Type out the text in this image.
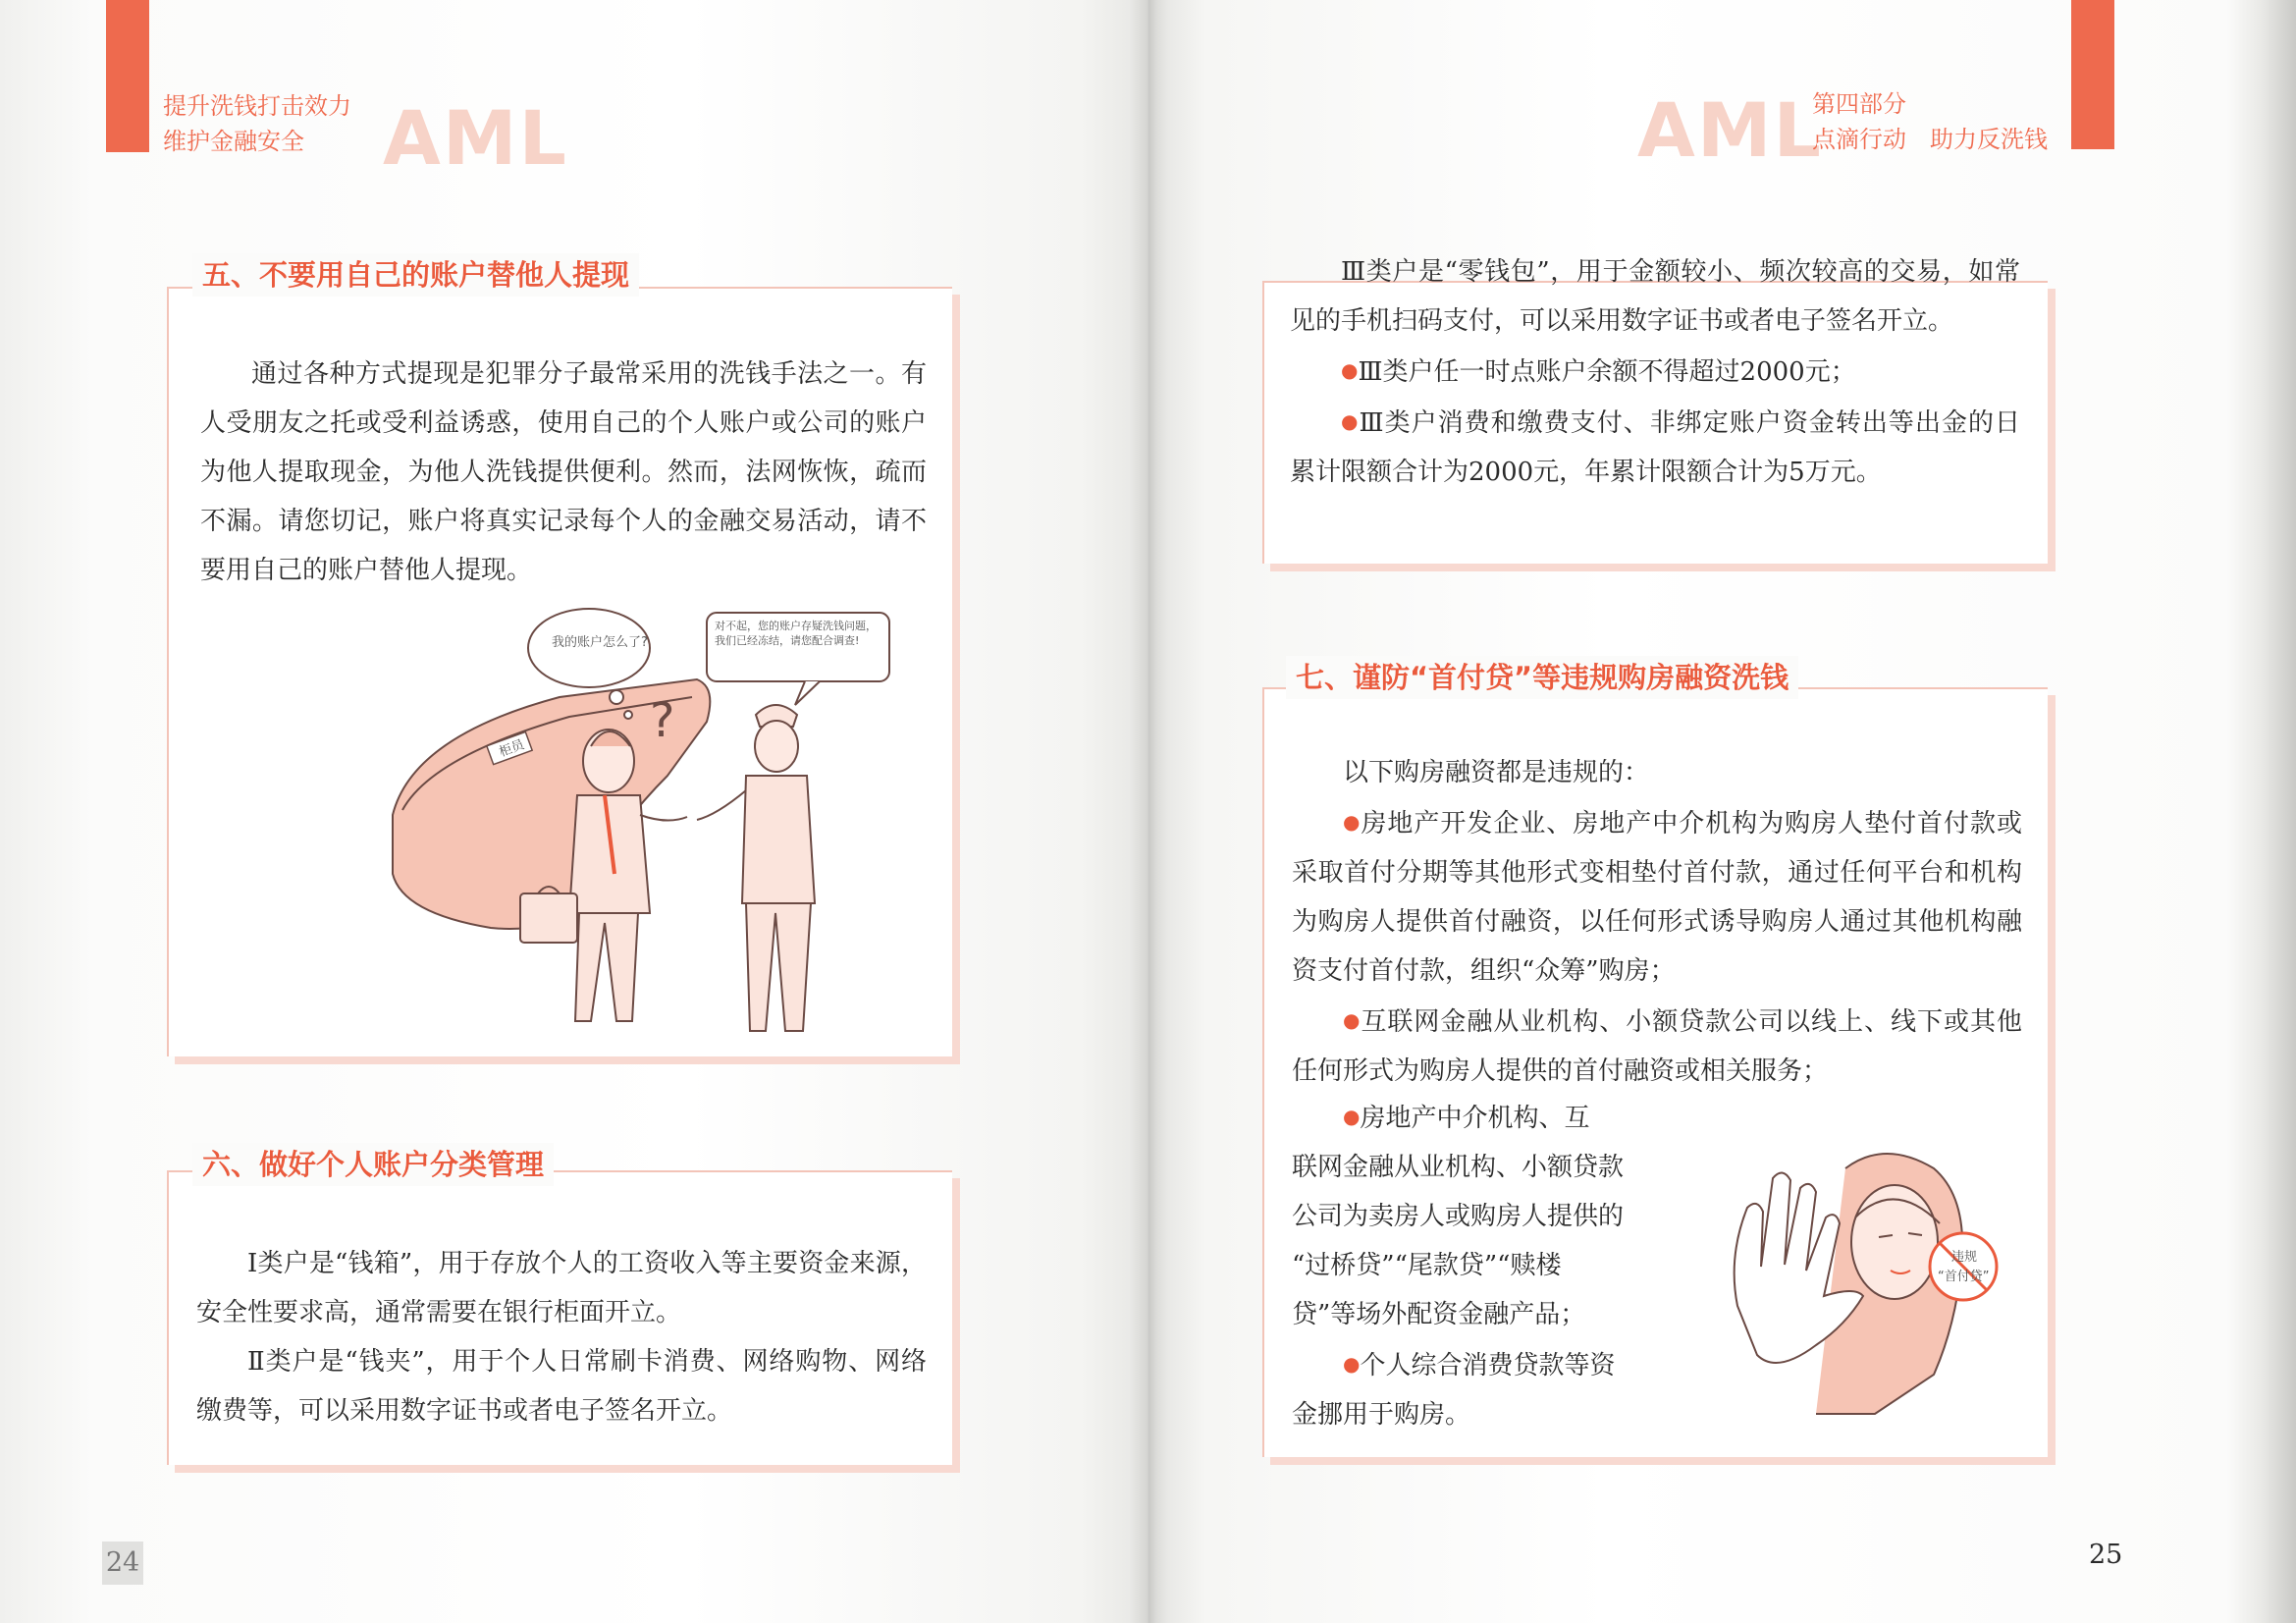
提升洗钱打击效力
维护金融安全 AML
五、不要用自己的账户替他人提现

通过各种方式提现是犯罪分子最常采用的洗钱手法之一。有人受朋友之托或受利益诱惑，使用自己的个人账户或公司的账户为他人提取现金，为他人洗钱提供便利。然而，法网恢恢，疏而不漏。请您切记，账户将真实记录每个人的金融交易活动，请不要用自己的账户替他人提现。

柜员
我的账户怎么了?
?
对不起，您的账户存疑洗钱问题，我们已经冻结，请您配合调查!
六、做好个人账户分类管理

Ⅰ类户是“钱箱”，用于存放个人的工资收入等主要资金来源，安全性要求高，通常需要在银行柜面开立。

Ⅱ类户是“钱夹”，用于个人日常刷卡消费、网络购物、网络缴费等，可以采用数字证书或者电子签名开立。

24
AML
第四部分
点滴行动　助力反洗钱

Ⅲ类户是“零钱包”，用于金额较小、频次较高的交易，如常见的手机扫码支付，可以采用数字证书或者电子签名开立。

●Ⅲ类户任一时点账户余额不得超过2000元；

●Ⅲ类户消费和缴费支付、非绑定账户资金转出等出金的日累计限额合计为2000元，年累计限额合计为5万元。

七、谨防“首付贷”等违规购房融资洗钱

以下购房融资都是违规的：

●房地产开发企业、房地产中介机构为购房人垫付首付款或采取首付分期等其他形式变相垫付首付款，通过任何平台和机构为购房人提供首付融资，以任何形式诱导购房人通过其他机构融资支付首付款，组织“众筹”购房；

●互联网金融从业机构、小额贷款公司以线上、线下或其他任何形式为购房人提供的首付融资或相关服务；

●房地产中介机构、互
联网金融从业机构、小额贷款
公司为卖房人或购房人提供的
“过桥贷”“尾款贷”“赎楼
贷”等场外配资金融产品；
●个人综合消费贷款等资
金挪用于购房。
违规
“首付贷”
25
